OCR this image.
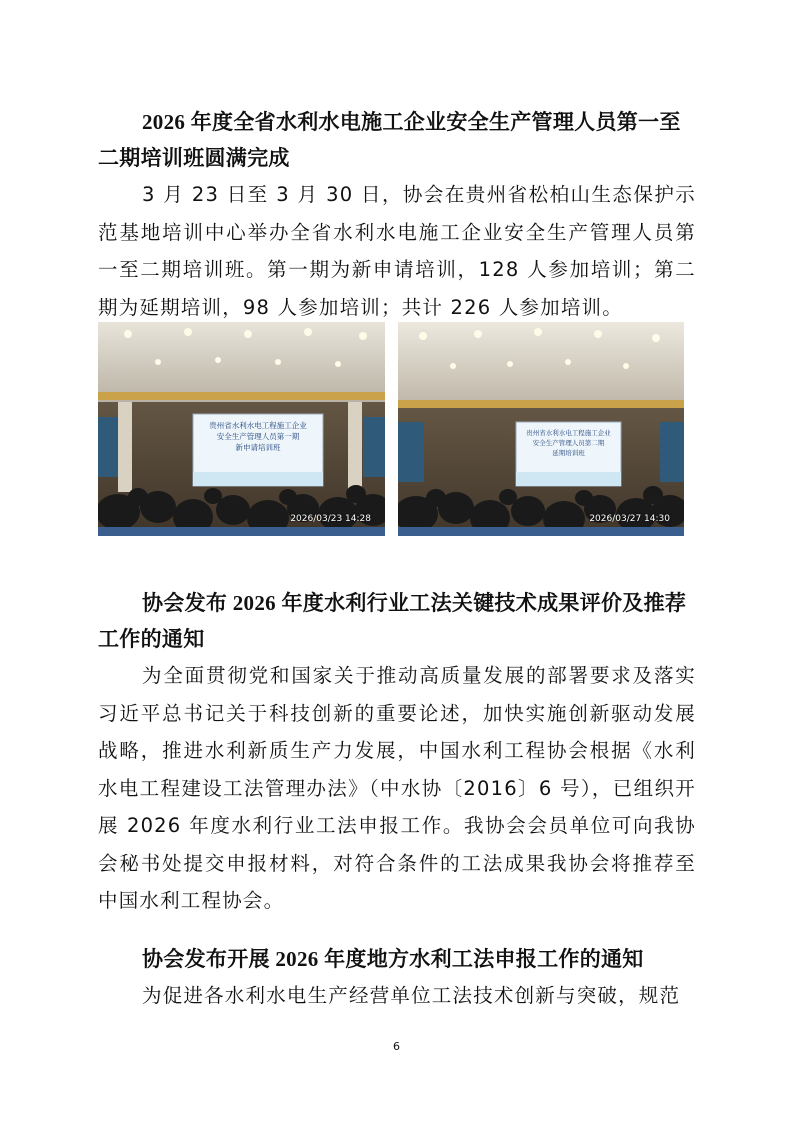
2026 年度全省水利水电施工企业安全生产管理人员第一至二期培训班圆满完成

3 月 23 日至 3 月 30 日，协会在贵州省松柏山生态保护示范基地培训中心举办全省水利水电施工企业安全生产管理人员第一至二期培训班。第一期为新申请培训，128 人参加培训；第二期为延期培训，98 人参加培训；共计 226 人参加培训。

贵州省水利水电工程施工企业
安全生产管理人员第一期
新申请培训班
2026/03/23 14:28
贵州省水利水电工程施工企业
安全生产管理人员第二期
延期培训班
2026/03/27 14:30

协会发布 2026 年度水利行业工法关键技术成果评价及推荐工作的通知

为全面贯彻党和国家关于推动高质量发展的部署要求及落实习近平总书记关于科技创新的重要论述，加快实施创新驱动发展战略，推进水利新质生产力发展，中国水利工程协会根据《水利水电工程建设工法管理办法》（中水协〔2016〕6 号），已组织开展 2026 年度水利行业工法申报工作。我协会会员单位可向我协会秘书处提交申报材料，对符合条件的工法成果我协会将推荐至中国水利工程协会。

协会发布开展 2026 年度地方水利工法申报工作的通知

为促进各水利水电生产经营单位工法技术创新与突破，规范

6
